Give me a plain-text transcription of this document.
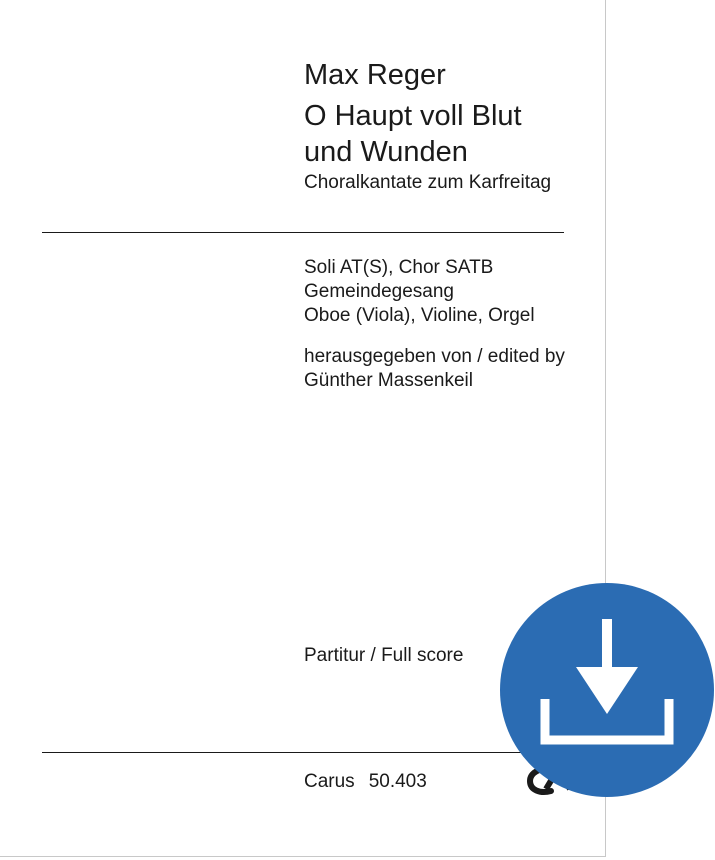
Max Reger
O Haupt voll Blut
und Wunden

Choralkantate zum Karfreitag

Soli AT(S), Chor SATB
Gemeindegesang
Oboe (Viola), Violine, Orgel
herausgegeben von / edited by
Günther Massenkeil

Partitur / Full score

Carus 50.403
